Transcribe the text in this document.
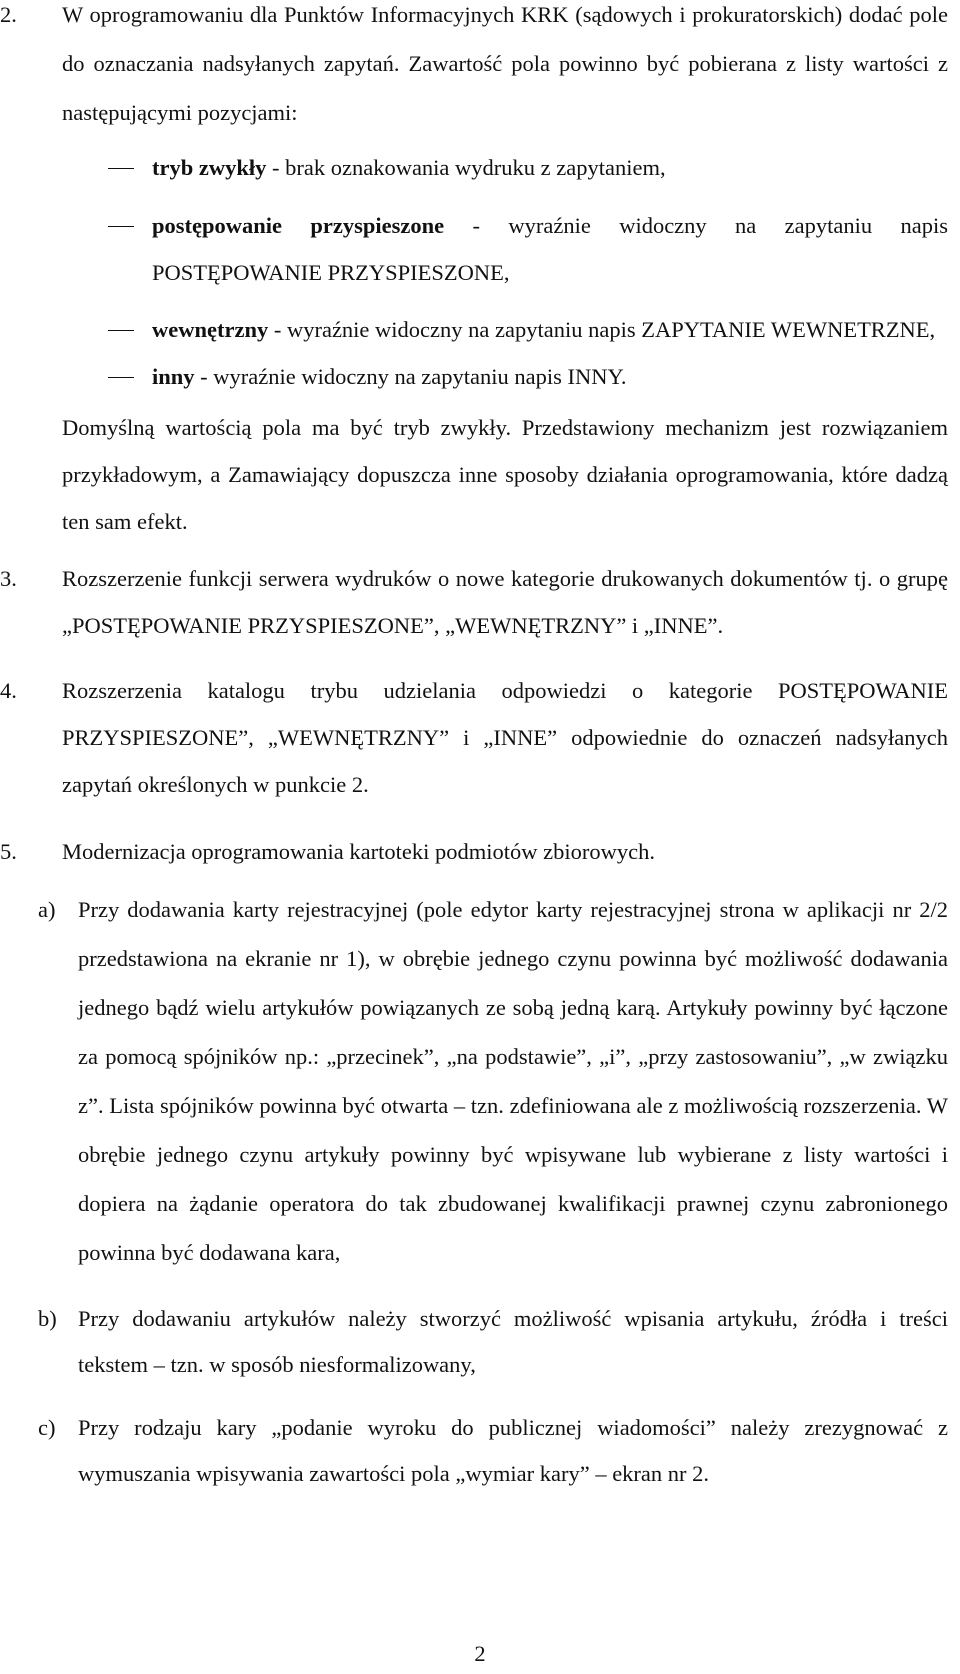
2. W oprogramowaniu dla Punktów Informacyjnych KRK (sądowych i prokuratorskich) dodać pole do oznaczania nadsyłanych zapytań. Zawartość pola powinno być pobierana z listy wartości z następującymi pozycjami:

tryb zwykły - brak oznakowania wydruku z zapytaniem,

postępowanie przyspieszone - wyraźnie widoczny na zapytaniu napis POSTĘPOWANIE PRZYSPIESZONE,

wewnętrzny - wyraźnie widoczny na zapytaniu napis ZAPYTANIE WEWNETRZNE,

inny - wyraźnie widoczny na zapytaniu napis INNY.

Domyślną wartością pola ma być tryb zwykły. Przedstawiony mechanizm jest rozwiązaniem przykładowym, a Zamawiający dopuszcza inne sposoby działania oprogramowania, które dadzą ten sam efekt.

3. Rozszerzenie funkcji serwera wydruków o nowe kategorie drukowanych dokumentów tj. o grupę „POSTĘPOWANIE PRZYSPIESZONE”, „WEWNĘTRZNY” i „INNE”.

4. Rozszerzenia katalogu trybu udzielania odpowiedzi o kategorie POSTĘPOWANIE PRZYSPIESZONE”, „WEWNĘTRZNY” i „INNE” odpowiednie do oznaczeń nadsyłanych zapytań określonych w punkcie 2.

5. Modernizacja oprogramowania kartoteki podmiotów zbiorowych.

a) Przy dodawania karty rejestracyjnej (pole edytor karty rejestracyjnej strona w aplikacji nr 2/2 przedstawiona na ekranie nr 1), w obrębie jednego czynu powinna być możliwość dodawania jednego bądź wielu artykułów powiązanych ze sobą jedną karą. Artykuły powinny być łączone za pomocą spójników np.: „przecinek”, „na podstawie”, „i”, „przy zastosowaniu”, „w związku z”. Lista spójników powinna być otwarta – tzn. zdefiniowana ale z możliwością rozszerzenia. W obrębie jednego czynu artykuły powinny być wpisywane lub wybierane z listy wartości i dopiera na żądanie operatora do tak zbudowanej kwalifikacji prawnej czynu zabronionego powinna być dodawana kara,

b) Przy dodawaniu artykułów należy stworzyć możliwość wpisania artykułu, źródła i treści tekstem – tzn. w sposób niesformalizowany,

c) Przy rodzaju kary „podanie wyroku do publicznej wiadomości” należy zrezygnować z wymuszania wpisywania zawartości pola „wymiar kary” – ekran nr 2.

2
